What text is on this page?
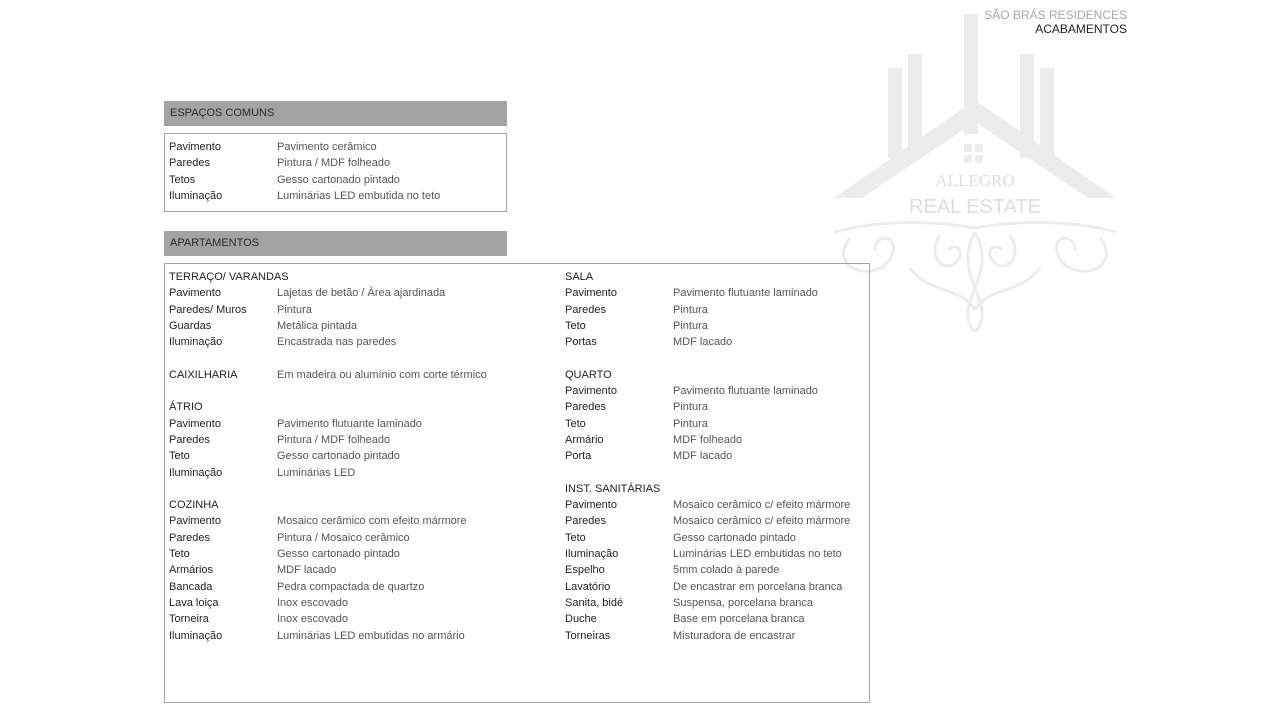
SÃO BRÁS RESIDENCES
ACABAMENTOS
ALLEGRO
REAL ESTATE
ESPAÇOS COMUNS
Pavimento	Pavimento cerâmico
Paredes	Pintura / MDF folheado
Tetos	Gesso cartonado pintado
Iluminação	Luminárias LED embutida no teto
APARTAMENTOS
TERRAÇO/ VARANDAS
Pavimento	Lajetas de betão / Área ajardinada
Paredes/ Muros	Pintura
Guardas	Metálica pintada
Iluminação	Encastrada nas paredes
CAIXILHARIA	Em madeira ou alumínio com corte térmico
ÁTRIO
Pavimento	Pavimento flutuante laminado
Paredes	Pintura / MDF folheado
Teto	Gesso cartonado pintado
Iluminação	Luminárias LED
COZINHA
Pavimento	Mosaico cerâmico com efeito mármore
Paredes	Pintura / Mosaico cerâmico
Teto	Gesso cartonado pintado
Armários	MDF lacado
Bancada	Pedra compactada de quartzo
Lava loiça	Inox escovado
Torneira	Inox escovado
Iluminação	Luminárias LED embutidas no armário
SALA
Pavimento	Pavimento flutuante laminado
Paredes	Pintura
Teto	Pintura
Portas	MDF lacado
QUARTO
Pavimento	Pavimento flutuante laminado
Paredes	Pintura
Teto	Pintura
Armário	MDF folheado
Porta	MDF lacado
INST. SANITÁRIAS
Pavimento	Mosaico cerâmico c/ efeito mármore
Paredes	Mosaico cerâmico c/ efeito mármore
Teto	Gesso cartonado pintado
Iluminação	Luminárias LED embutidas no teto
Espelho	5mm colado à parede
Lavatório	De encastrar em porcelana branca
Sanita, bidé	Suspensa, porcelana branca
Duche	Base em porcelana branca
Torneiras	Misturadora de encastrar
